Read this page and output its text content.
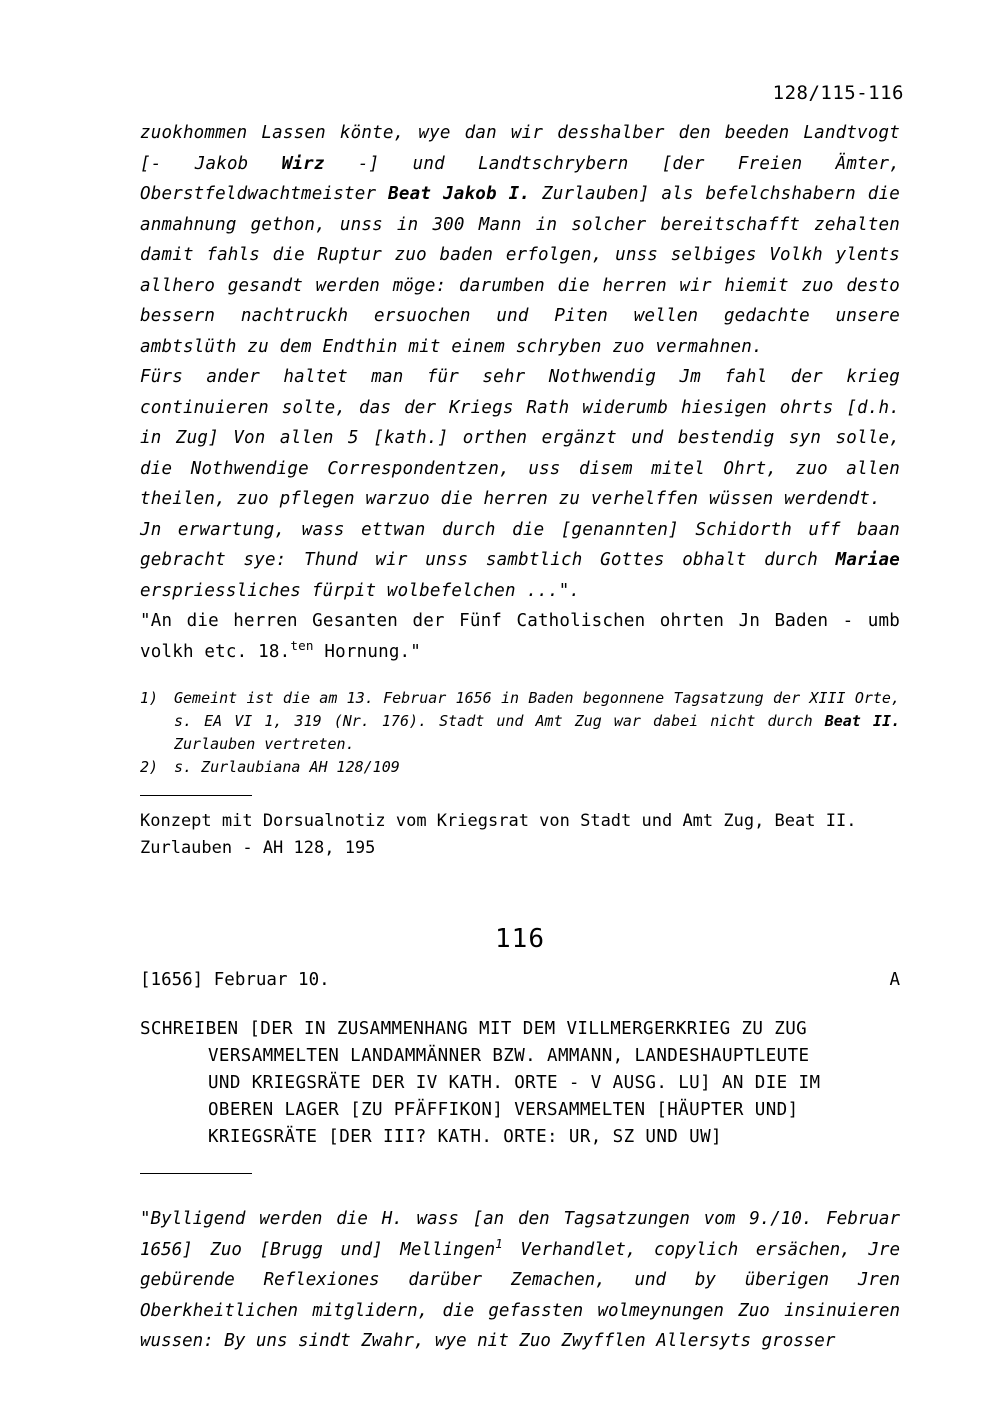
128/115-116

zuokhommen Lassen könte, wye dan wir desshalber den beeden Landtvogt [- Jakob Wirz -] und Landtschrybern [der Freien Ämter, Oberstfeldwachtmeister Beat Jakob I. Zurlauben] als befelchshabern die anmahnung gethon, unss in 300 Mann in solcher bereitschafft zehalten damit fahls die Ruptur zuo baden erfolgen, unss selbiges Volkh ylents allhero gesandt werden möge: darumben die herren wir hiemit zuo desto bessern nachtruckh ersuochen und Piten wellen gedachte unsere ambtslüth zu dem Endthin mit einem schryben zuo vermahnen.

Fürs ander haltet man für sehr Nothwendig Jm fahl der krieg continuieren solte, das der Kriegs Rath widerumb hiesigen ohrts [d.h. in Zug] Von allen 5 [kath.] orthen ergänzt und bestendig syn solle, die Nothwendige Correspondentzen, uss disem mitel Ohrt, zuo allen theilen, zuo pflegen warzuo die herren zu verhelffen wüssen werdendt.

Jn erwartung, wass ettwan durch die [genannten] Schidorth uff baan gebracht sye: Thund wir unss sambtlich Gottes obhalt durch Mariae erspriessliches fürpit wolbefelchen ...".

"An die herren Gesanten der Fünf Catholischen ohrten Jn Baden - umb volkh etc. 18.$^{ten}$ Hornung."

1)	Gemeint ist die am 13. Februar 1656 in Baden begonnene Tagsatzung der XIII Orte, s. EA VI 1, 319 (Nr. 176). Stadt und Amt Zug war dabei nicht durch Beat II. Zurlauben vertreten.
2)	s. Zurlaubiana AH 128/109
Konzept mit Dorsualnotiz vom Kriegsrat von Stadt und Amt Zug, Beat II. Zurlauben - AH 128, 195
116
[1656] Februar 10.	A
SCHREIBEN [DER IN ZUSAMMENHANG MIT DEM VILLMERGERKRIEG ZU ZUG
VERSAMMELTEN LANDAMMÄNNER BZW. AMMANN, LANDESHAUPTLEUTE
UND KRIEGSRÄTE DER IV KATH. ORTE - V AUSG. LU] AN DIE IM
OBEREN LAGER [ZU PFÄFFIKON] VERSAMMELTEN [HÄUPTER UND]
KRIEGSRÄTE [DER III? KATH. ORTE: UR, SZ UND UW]
"Bylligend werden die H. wass [an den Tagsatzungen vom 9./10. Februar 1656] Zuo [Brugg und] Mellingen$^1$ Verhandlet, copylich ersächen, Jre gebürende Reflexiones darüber Zemachen, und by überigen Jren Oberkheitlichen mitglidern, die gefassten wolmeynungen Zuo insinuieren wussen: By uns sindt Zwahr, wye nit Zuo Zwyfflen Allersyts grosser
